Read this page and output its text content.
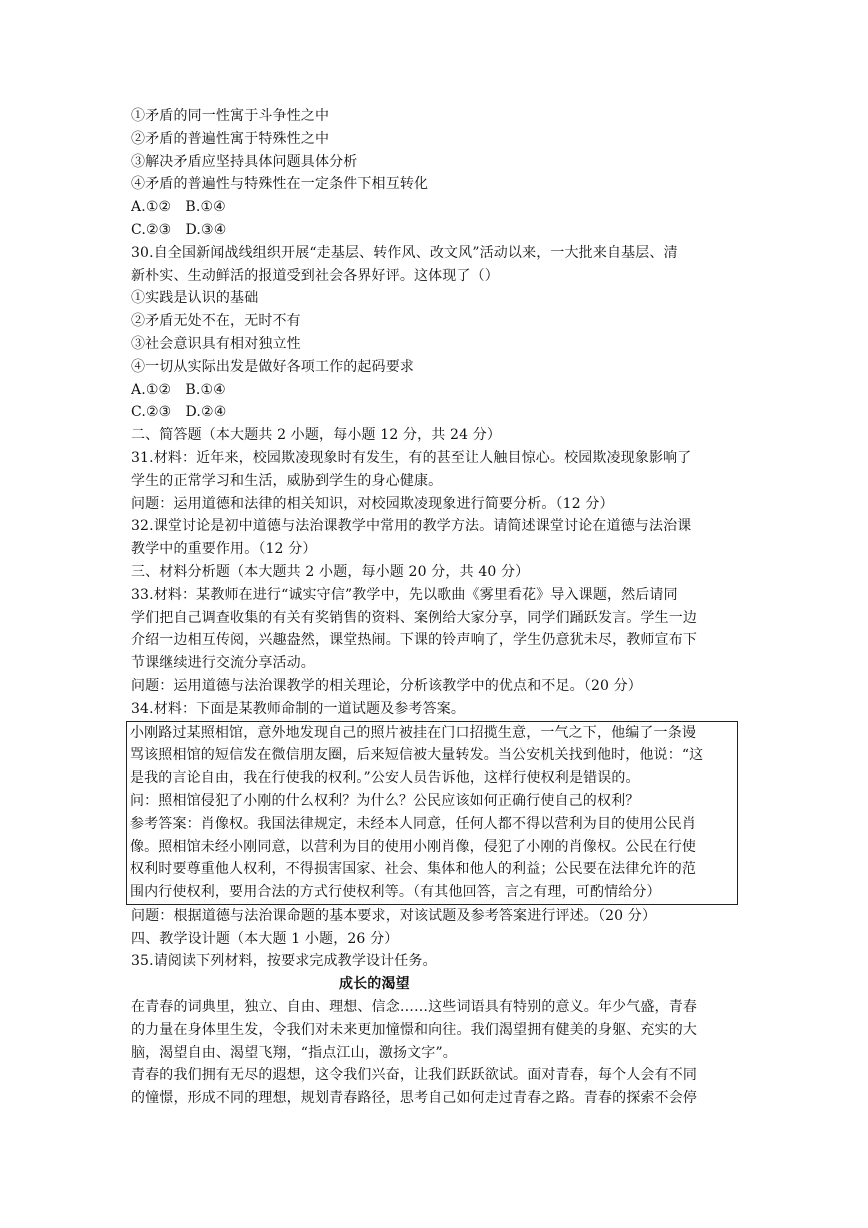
①矛盾的同一性寓于斗争性之中
②矛盾的普遍性寓于特殊性之中
③解决矛盾应坚持具体问题具体分析
④矛盾的普遍性与特殊性在一定条件下相互转化
A.①②　B.①④
C.②③　D.③④
30.自全国新闻战线组织开展“走基层、转作风、改文风”活动以来，一大批来自基层、清
新朴实、生动鲜活的报道受到社会各界好评。这体现了（）
①实践是认识的基础
②矛盾无处不在，无时不有
③社会意识具有相对独立性
④一切从实际出发是做好各项工作的起码要求
A.①②　B.①④
C.②③　D.②④
二、简答题（本大题共 2 小题，每小题 12 分，共 24 分）
31.材料：近年来，校园欺凌现象时有发生，有的甚至让人触目惊心。校园欺凌现象影响了
学生的正常学习和生活，威胁到学生的身心健康。
问题：运用道德和法律的相关知识，对校园欺凌现象进行简要分析。（12 分）
32.课堂讨论是初中道德与法治课教学中常用的教学方法。请简述课堂讨论在道德与法治课
教学中的重要作用。（12 分）
三、材料分析题（本大题共 2 小题，每小题 20 分，共 40 分）
33.材料：某教师在进行“诚实守信”教学中，先以歌曲《雾里看花》导入课题，然后请同
学们把自己调查收集的有关有奖销售的资料、案例给大家分享，同学们踊跃发言。学生一边
介绍一边相互传阅，兴趣盎然，课堂热闹。下课的铃声响了，学生仍意犹未尽，教师宣布下
节课继续进行交流分享活动。
问题：运用道德与法治课教学的相关理论，分析该教学中的优点和不足。（20 分）
34.材料：下面是某教师命制的一道试题及参考答案。
小刚路过某照相馆，意外地发现自己的照片被挂在门口招揽生意，一气之下，他编了一条谩
骂该照相馆的短信发在微信朋友圈，后来短信被大量转发。当公安机关找到他时，他说：“这
是我的言论自由，我在行使我的权利。”公安人员告诉他，这样行使权利是错误的。
问：照相馆侵犯了小刚的什么权利？为什么？公民应该如何正确行使自己的权利？
参考答案：肖像权。我国法律规定，未经本人同意，任何人都不得以营利为目的使用公民肖
像。照相馆未经小刚同意，以营利为目的使用小刚肖像，侵犯了小刚的肖像权。公民在行使
权利时要尊重他人权利，不得损害国家、社会、集体和他人的利益；公民要在法律允许的范
围内行使权利，要用合法的方式行使权利等。（有其他回答，言之有理，可酌情给分）
问题：根据道德与法治课命题的基本要求，对该试题及参考答案进行评述。（20 分）
四、教学设计题（本大题 1 小题，26 分）
35.请阅读下列材料，按要求完成教学设计任务。
成长的渴望
在青春的词典里，独立、自由、理想、信念……这些词语具有特别的意义。年少气盛，青春
的力量在身体里生发，令我们对未来更加憧憬和向往。我们渴望拥有健美的身躯、充实的大
脑，渴望自由、渴望飞翔，“指点江山，激扬文字”。
青春的我们拥有无尽的遐想，这令我们兴奋，让我们跃跃欲试。面对青春，每个人会有不同
的憧憬，形成不同的理想，规划青春路径，思考自己如何走过青春之路。青春的探索不会停
